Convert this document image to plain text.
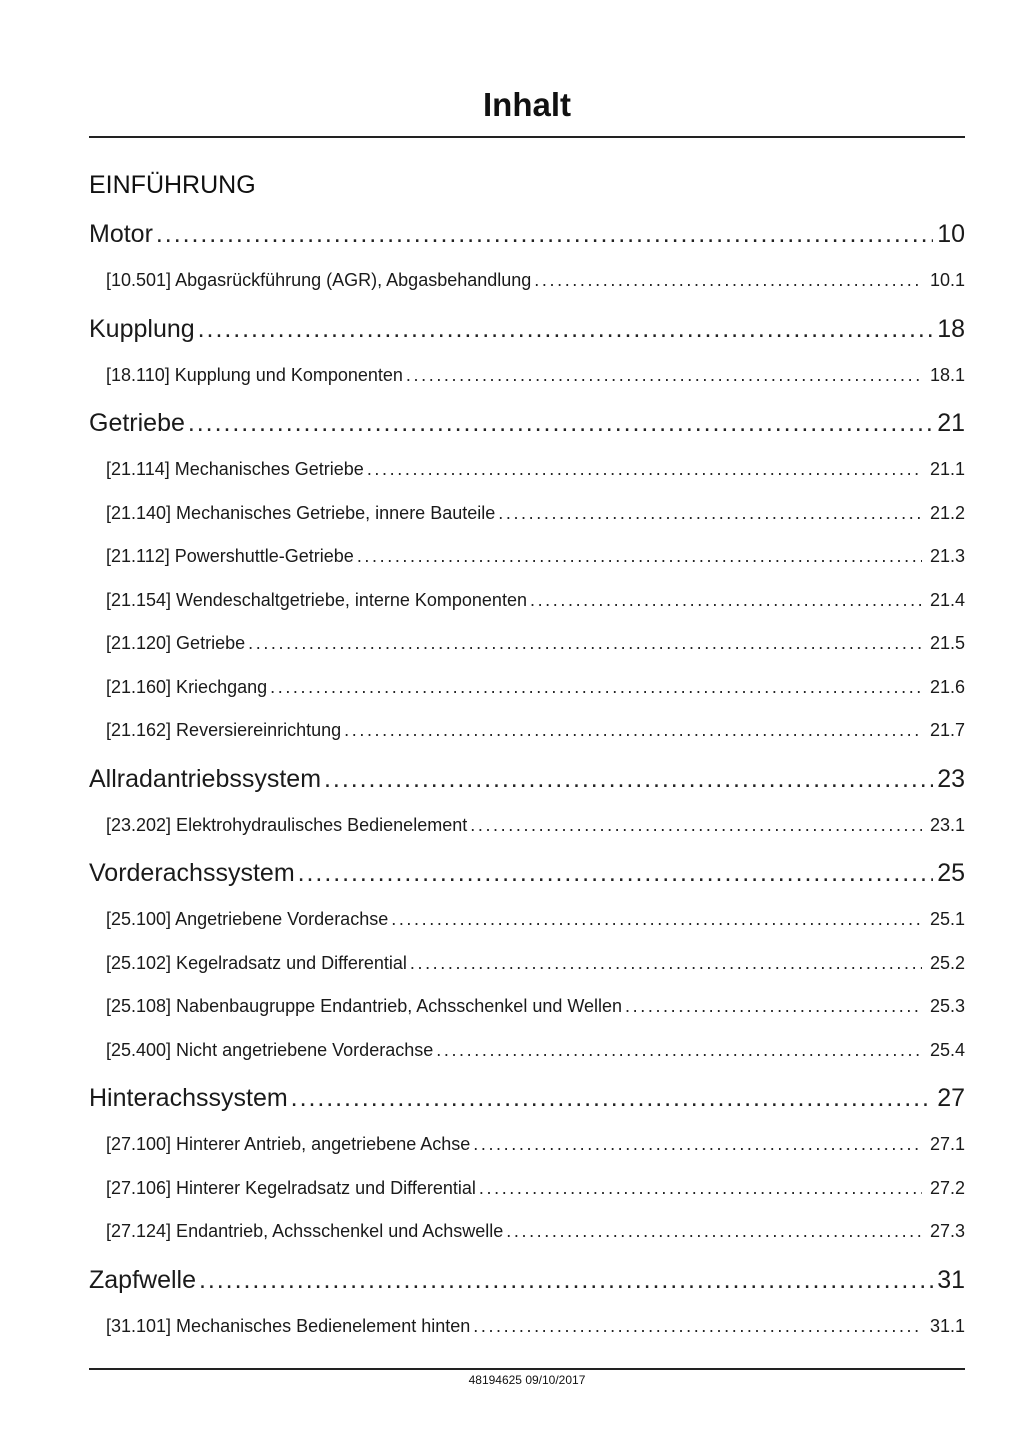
Inhalt
EINFÜHRUNG
Motor . . .	10
[10.501] Abgasrückführung (AGR), Abgasbehandlung . . .	10.1
Kupplung . . .	18
[18.110] Kupplung und Komponenten . . .	18.1
Getriebe . . .	21
[21.114] Mechanisches Getriebe . . .	21.1
[21.140] Mechanisches Getriebe, innere Bauteile . . .	21.2
[21.112] Powershuttle-Getriebe . . .	21.3
[21.154] Wendeschaltgetriebe, interne Komponenten . . .	21.4
[21.120] Getriebe . . .	21.5
[21.160] Kriechgang . . .	21.6
[21.162] Reversiereinrichtung . . .	21.7
Allradantriebssystem . . .	23
[23.202] Elektrohydraulisches Bedienelement . . .	23.1
Vorderachssystem . . .	25
[25.100] Angetriebene Vorderachse . . .	25.1
[25.102] Kegelradsatz und Differential . . .	25.2
[25.108] Nabenbaugruppe Endantrieb, Achsschenkel und Wellen . . .	25.3
[25.400] Nicht angetriebene Vorderachse . . .	25.4
Hinterachssystem . . .	27
[27.100] Hinterer Antrieb, angetriebene Achse . . .	27.1
[27.106] Hinterer Kegelradsatz und Differential . . .	27.2
[27.124] Endantrieb, Achsschenkel und Achswelle . . .	27.3
Zapfwelle . . .	31
[31.101] Mechanisches Bedienelement hinten . . .	31.1
48194625 09/10/2017
